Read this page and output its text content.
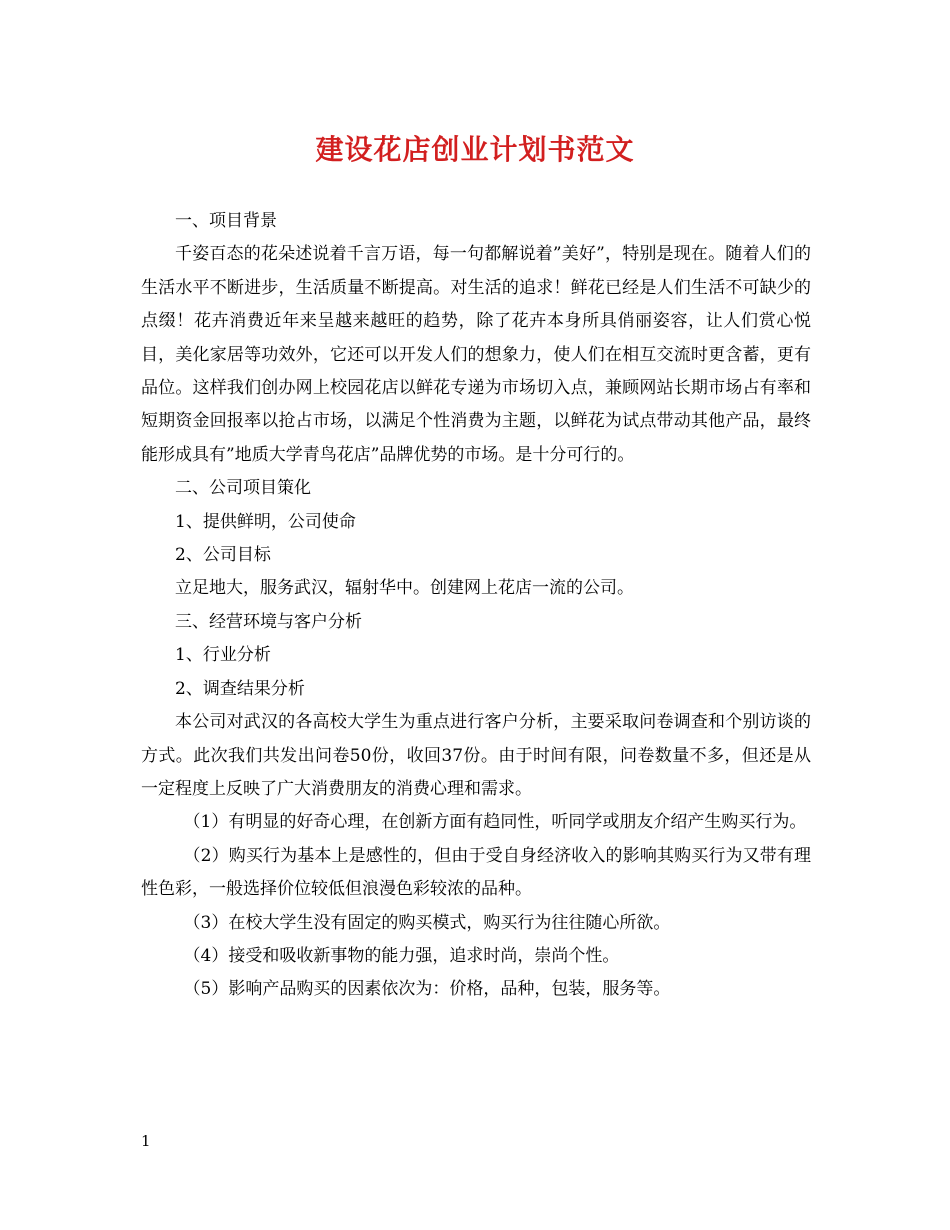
建设花店创业计划书范文

一、项目背景

千姿百态的花朵述说着千言万语，每一句都解说着”美好”，特别是现在。随着人们的生活水平不断进步，生活质量不断提高。对生活的追求！鲜花已经是人们生活不可缺少的点缀！花卉消费近年来呈越来越旺的趋势，除了花卉本身所具俏丽姿容，让人们赏心悦目，美化家居等功效外，它还可以开发人们的想象力，使人们在相互交流时更含蓄，更有品位。这样我们创办网上校园花店以鲜花专递为市场切入点，兼顾网站长期市场占有率和短期资金回报率以抢占市场，以满足个性消费为主题，以鲜花为试点带动其他产品，最终能形成具有”地质大学青鸟花店”品牌优势的市场。是十分可行的。

二、公司项目策化

1、提供鲜明，公司使命

2、公司目标

立足地大，服务武汉，辐射华中。创建网上花店一流的公司。

三、经营环境与客户分析

1、行业分析

2、调查结果分析

本公司对武汉的各高校大学生为重点进行客户分析，主要采取问卷调查和个别访谈的方式。此次我们共发出问卷50份，收回37份。由于时间有限，问卷数量不多，但还是从一定程度上反映了广大消费朋友的消费心理和需求。

（1）有明显的好奇心理，在创新方面有趋同性，听同学或朋友介绍产生购买行为。

（2）购买行为基本上是感性的，但由于受自身经济收入的影响其购买行为又带有理性色彩，一般选择价位较低但浪漫色彩较浓的品种。

（3）在校大学生没有固定的购买模式，购买行为往往随心所欲。

（4）接受和吸收新事物的能力强，追求时尚，崇尚个性。

（5）影响产品购买的因素依次为：价格，品种，包装，服务等。

1
